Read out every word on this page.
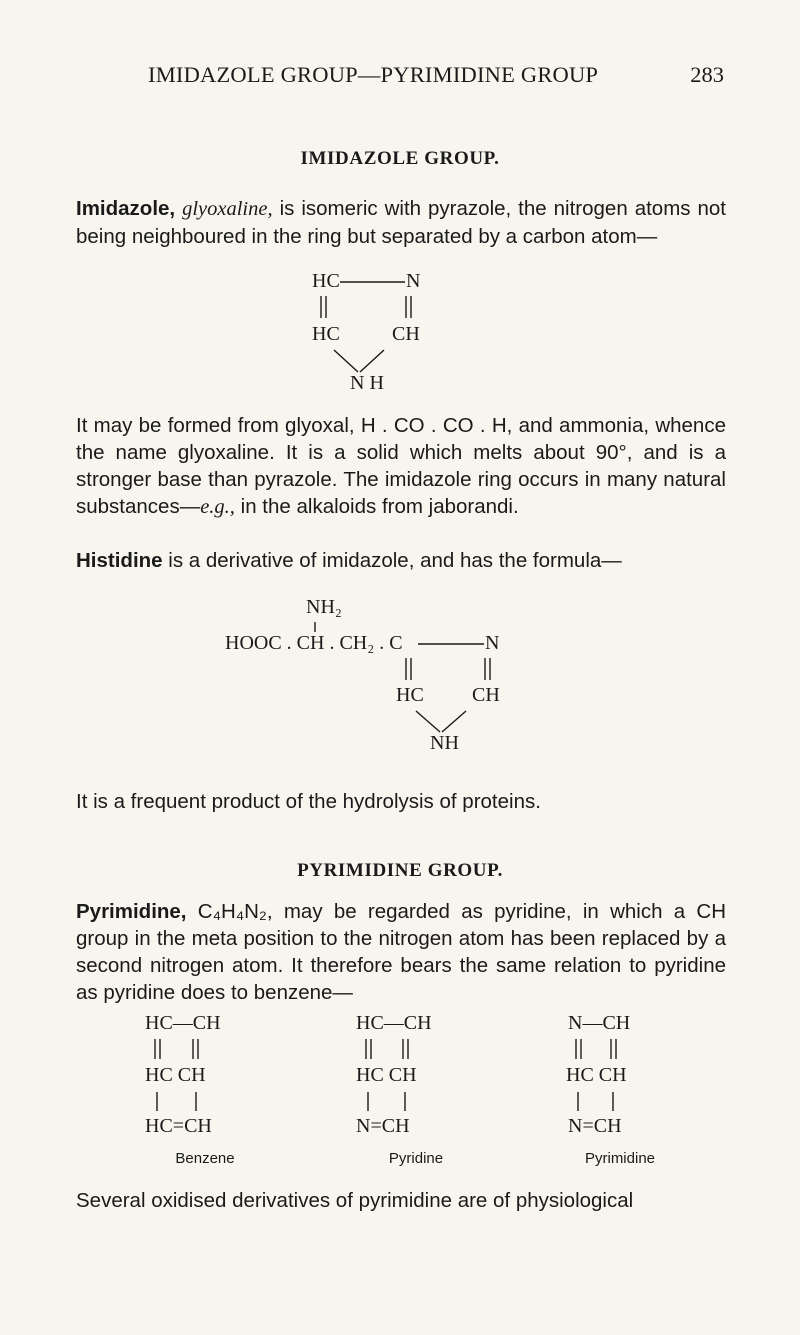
IMIDAZOLE GROUP—PYRIMIDINE GROUP	283
IMIDAZOLE GROUP.
Imidazole, glyoxaline, is isomeric with pyrazole, the nitrogen atoms not being neighboured in the ring but separated by a carbon atom—
HC	N
HC	CH
N H
It may be formed from glyoxal, H . CO . CO . H, and ammonia, whence the name glyoxaline. It is a solid which melts about 90°, and is a stronger base than pyrazole. The imidazole ring occurs in many natural substances—e.g., in the alkaloids from jaborandi.
Histidine is a derivative of imidazole, and has the formula—
NH₂
HOOC . CH . CH₂ . C	N
HC CH
NH
It is a frequent product of the hydrolysis of proteins.
PYRIMIDINE GROUP.
Pyrimidine, C₄H₄N₂, may be regarded as pyridine, in which a CH group in the meta position to the nitrogen atom has been replaced by a second nitrogen atom. It therefore bears the same relation to pyridine as pyridine does to benzene—
HC—CH
HC CH
HC=CH
Benzene
HC—CH
HC CH
N=CH
Pyridine
N—CH
HC CH
N=CH
Pyrimidine
Several oxidised derivatives of pyrimidine are of physiological
